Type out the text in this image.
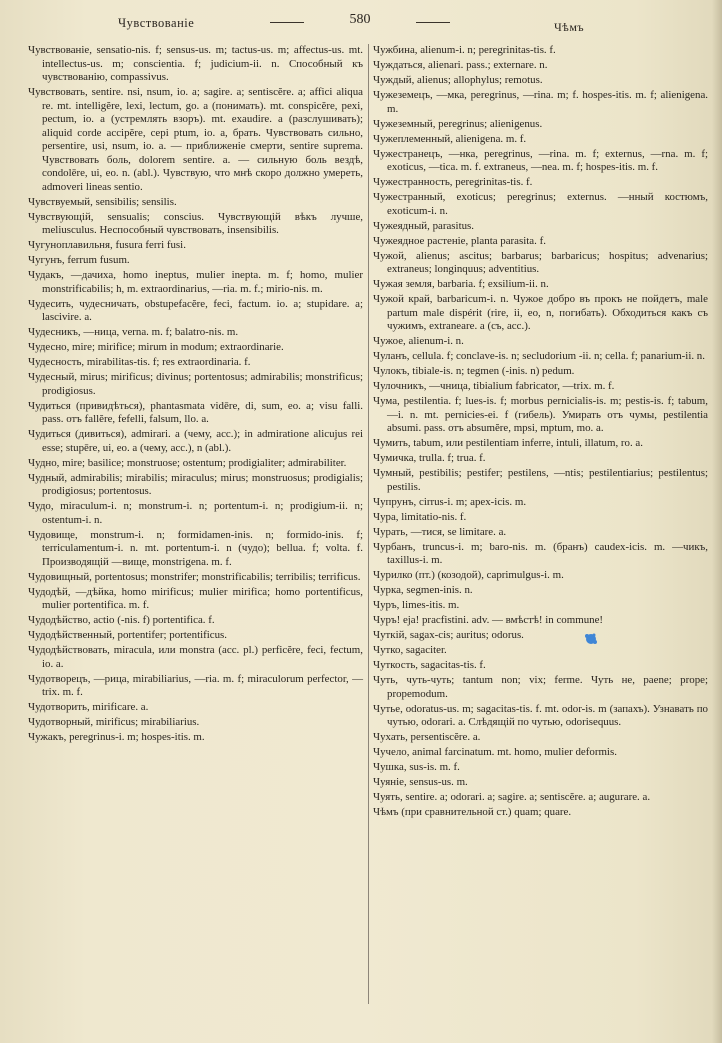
Чувствованіе	580	Чѣмъ

Чувствованіе, sensatio-nis. f; sensus-us. m; tactus-us. m; affectus-us. mt. intellectus-us. m; conscientia. f; judicium-ii. n. Способный къ чувствованію, compassivus.

Чувствовать, sentire. nsi, nsum, io. a; sagire. a; sentiscĕre. a; affici aliqua re. mt. intelligĕre, lexi, lectum, go. a (понимать). mt. conspicĕre, pexi, pectum, io. a (устремлять взоръ). mt. exaudire. a (разслушивать); aliquid corde accipĕre, cepi ptum, io. a, брать. Чувствовать сильно, persentire, usi, nsum, io. a. — приближеніе смерти, sentire suprema. Чувствовать боль, dolorem sentire. a. — сильную боль вездѣ, condolēre, ui, eo. n. (abl.). Чувствую, что мнѣ скоро должно умереть, admoveri lineas sentio.

Чувствуемый, sensibilis; sensilis.

Чувствующій, sensualis; conscius. Чувствующій вѣкъ лучше, meliusculus. Неспособный чувствовать, insensibilis.

Чугуноплавильня, fusura ferri fusi.

Чугунъ, ferrum fusum.

Чудакъ, —дачиха, homo ineptus, mulier inepta. m. f; homo, mulier monstrificabilis; h, m. extraordinarius, —ria. m. f.; mirio-nis. m.

Чудесить, чудесничать, obstupefacĕre, feci, factum. io. a; stupidare. a; lascivire. a.

Чудесникъ, —ница, verna. m. f; balatro-nis. m.

Чудесно, mire; mirifice; mirum in modum; extraordinarie.

Чудесность, mirabilitas-tis. f; res extraordinaria. f.

Чудесный, mirus; mirificus; divinus; portentosus; admirabilis; monstrificus; prodigiosus.

Чудиться (привидѣться), phantasmata vidēre, di, sum, eo. a; visu falli. pass. отъ fallĕre, fefelli, falsum, llo. a.

Чудиться (дивиться), admirari. a (чему, acc.); in admiratione alicujus rei esse; stupēre, ui, eo. a (чему, acc.), n (abl.).

Чудно, mire; basilice; monstruose; ostentum; prodigialiter; admirabiliter.

Чудный, admirabilis; mirabilis; miraculus; mirus; monstruosus; prodigialis; prodigiosus; portentosus.

Чудо, miraculum-i. n; monstrum-i. n; portentum-i. n; prodigium-ii. n; ostentum-i. n.

Чудовище, monstrum-i. n; formidamen-inis. n; formido-inis. f; terriculamentum-i. n. mt. portentum-i. n (чудо); bellua. f; volta. f. Производящій —вище, monstrigena. m. f.

Чудовищный, portentosus; monstrifer; monstrificabilis; terribilis; terrificus.

Чудодѣй, —дѣйка, homo mirificus; mulier mirifica; homo portentificus, mulier portentifica. m. f.

Чудодѣйство, actio (-nis. f) portentifica. f.

Чудодѣйственный, portentifer; portentificus.

Чудодѣйствовать, miracula, или monstra (acc. pl.) perficĕre, feci, fectum, io. a.

Чудотворецъ, —рица, mirabiliarius, —ria. m. f; miraculorum perfector, —trix. m. f.

Чудотворить, mirificare. a.

Чудотворный, mirificus; mirabiliarius.

Чужакъ, peregrinus-i. m; hospes-itis. m.

Чужбина, alienum-i. n; peregrinitas-tis. f.

Чуждаться, alienari. pass.; externare. n.

Чуждый, alienus; allophylus; remotus.

Чужеземецъ, —мка, peregrinus, —rina. m; f. hospes-itis. m. f; alienigena. m.

Чужеземный, peregrinus; alienigenus.

Чужеплеменный, alienigena. m. f.

Чужестранецъ, —нка, peregrinus, —rina. m. f; externus, —rna. m. f; exoticus, —tica. m. f. extraneus, —nea. m. f; hospes-itis. m. f.

Чужестранность, peregrinitas-tis. f.

Чужестранный, exoticus; peregrinus; externus. —нный костюмъ, exoticum-i. n.

Чужеядный, parasitus.

Чужеядное растеніе, planta parasita. f.

Чужой, alienus; ascitus; barbarus; barbaricus; hospitus; advenarius; extraneus; longinquus; adventitius.

Чужая земля, barbaria. f; exsilium-ii. n.

Чужой край, barbaricum-i. n. Чужое добро въ прокъ не пойдетъ, male partum male dispérit (rire, ii, eo, n, погибать). Обходиться какъ съ чужимъ, extraneare. a (съ, acc.).

Чужое, alienum-i. n.

Чуланъ, cellula. f; conclave-is. n; secludorium -ii. n; cella. f; panarium-ii. n.

Чулокъ, tibiale-is. n; tegmen (-inis. n) pedum.

Чулочникъ, —чница, tibialium fabricator, —trix. m. f.

Чума, pestilentia. f; lues-is. f; morbus perniсialis-is. m; pestis-is. f; tabum, —i. n. mt. pernicies-ei. f (гибель). Умирать отъ чумы, pestilentia absumi. pass. отъ absumĕre, mpsi, mptum, mo. a.

Чумить, tabum, или pestilentiam inferre, intuli, illatum, ro. a.

Чумичка, trulla. f; trua. f.

Чумный, pestibilis; pestifer; pestilens, —ntis; pestilentiarius; pestilentus; pestilis.

Чупрунъ, cirrus-i. m; apex-icis. m.

Чура, limitatio-nis. f.

Чурать, —тися, se limitare. a.

Чурбанъ, truncus-i. m; baro-nis. m. (бранъ) caudex-icis. m. —чикъ, taxillus-i. m.

Чурилко (пт.) (козодой), caprimulgus-i. m.

Чурка, segmen-inis. n.

Чуръ, limes-itis. m.

Чуръ! eja! pracfistini. adv. — вмѣстѣ! in commune!

Чуткій, sagax-cis; auritus; odorus.

Чутко, sagaciter.

Чуткость, sagacitas-tis. f.

Чуть, чуть-чуть; tantum non; vix; ferme. Чуть не, paene; prope; propemodum.

Чутье, odoratus-us. m; sagacitas-tis. f. mt. odor-is. m (запахъ). Узнавать по чутью, odorari. a. Слѣдящій по чутью, odorisequus.

Чухать, persentiscĕre. a.

Чучело, animal farcinatum. mt. homo, mulier deformis.

Чушка, sus-is. m. f.

Чуяніе, sensus-us. m.

Чуять, sentire. a; odorari. a; sagire. a; sentiscĕre. a; augurare. a.

Чѣмъ (при сравнительной ст.) quam; quare.
